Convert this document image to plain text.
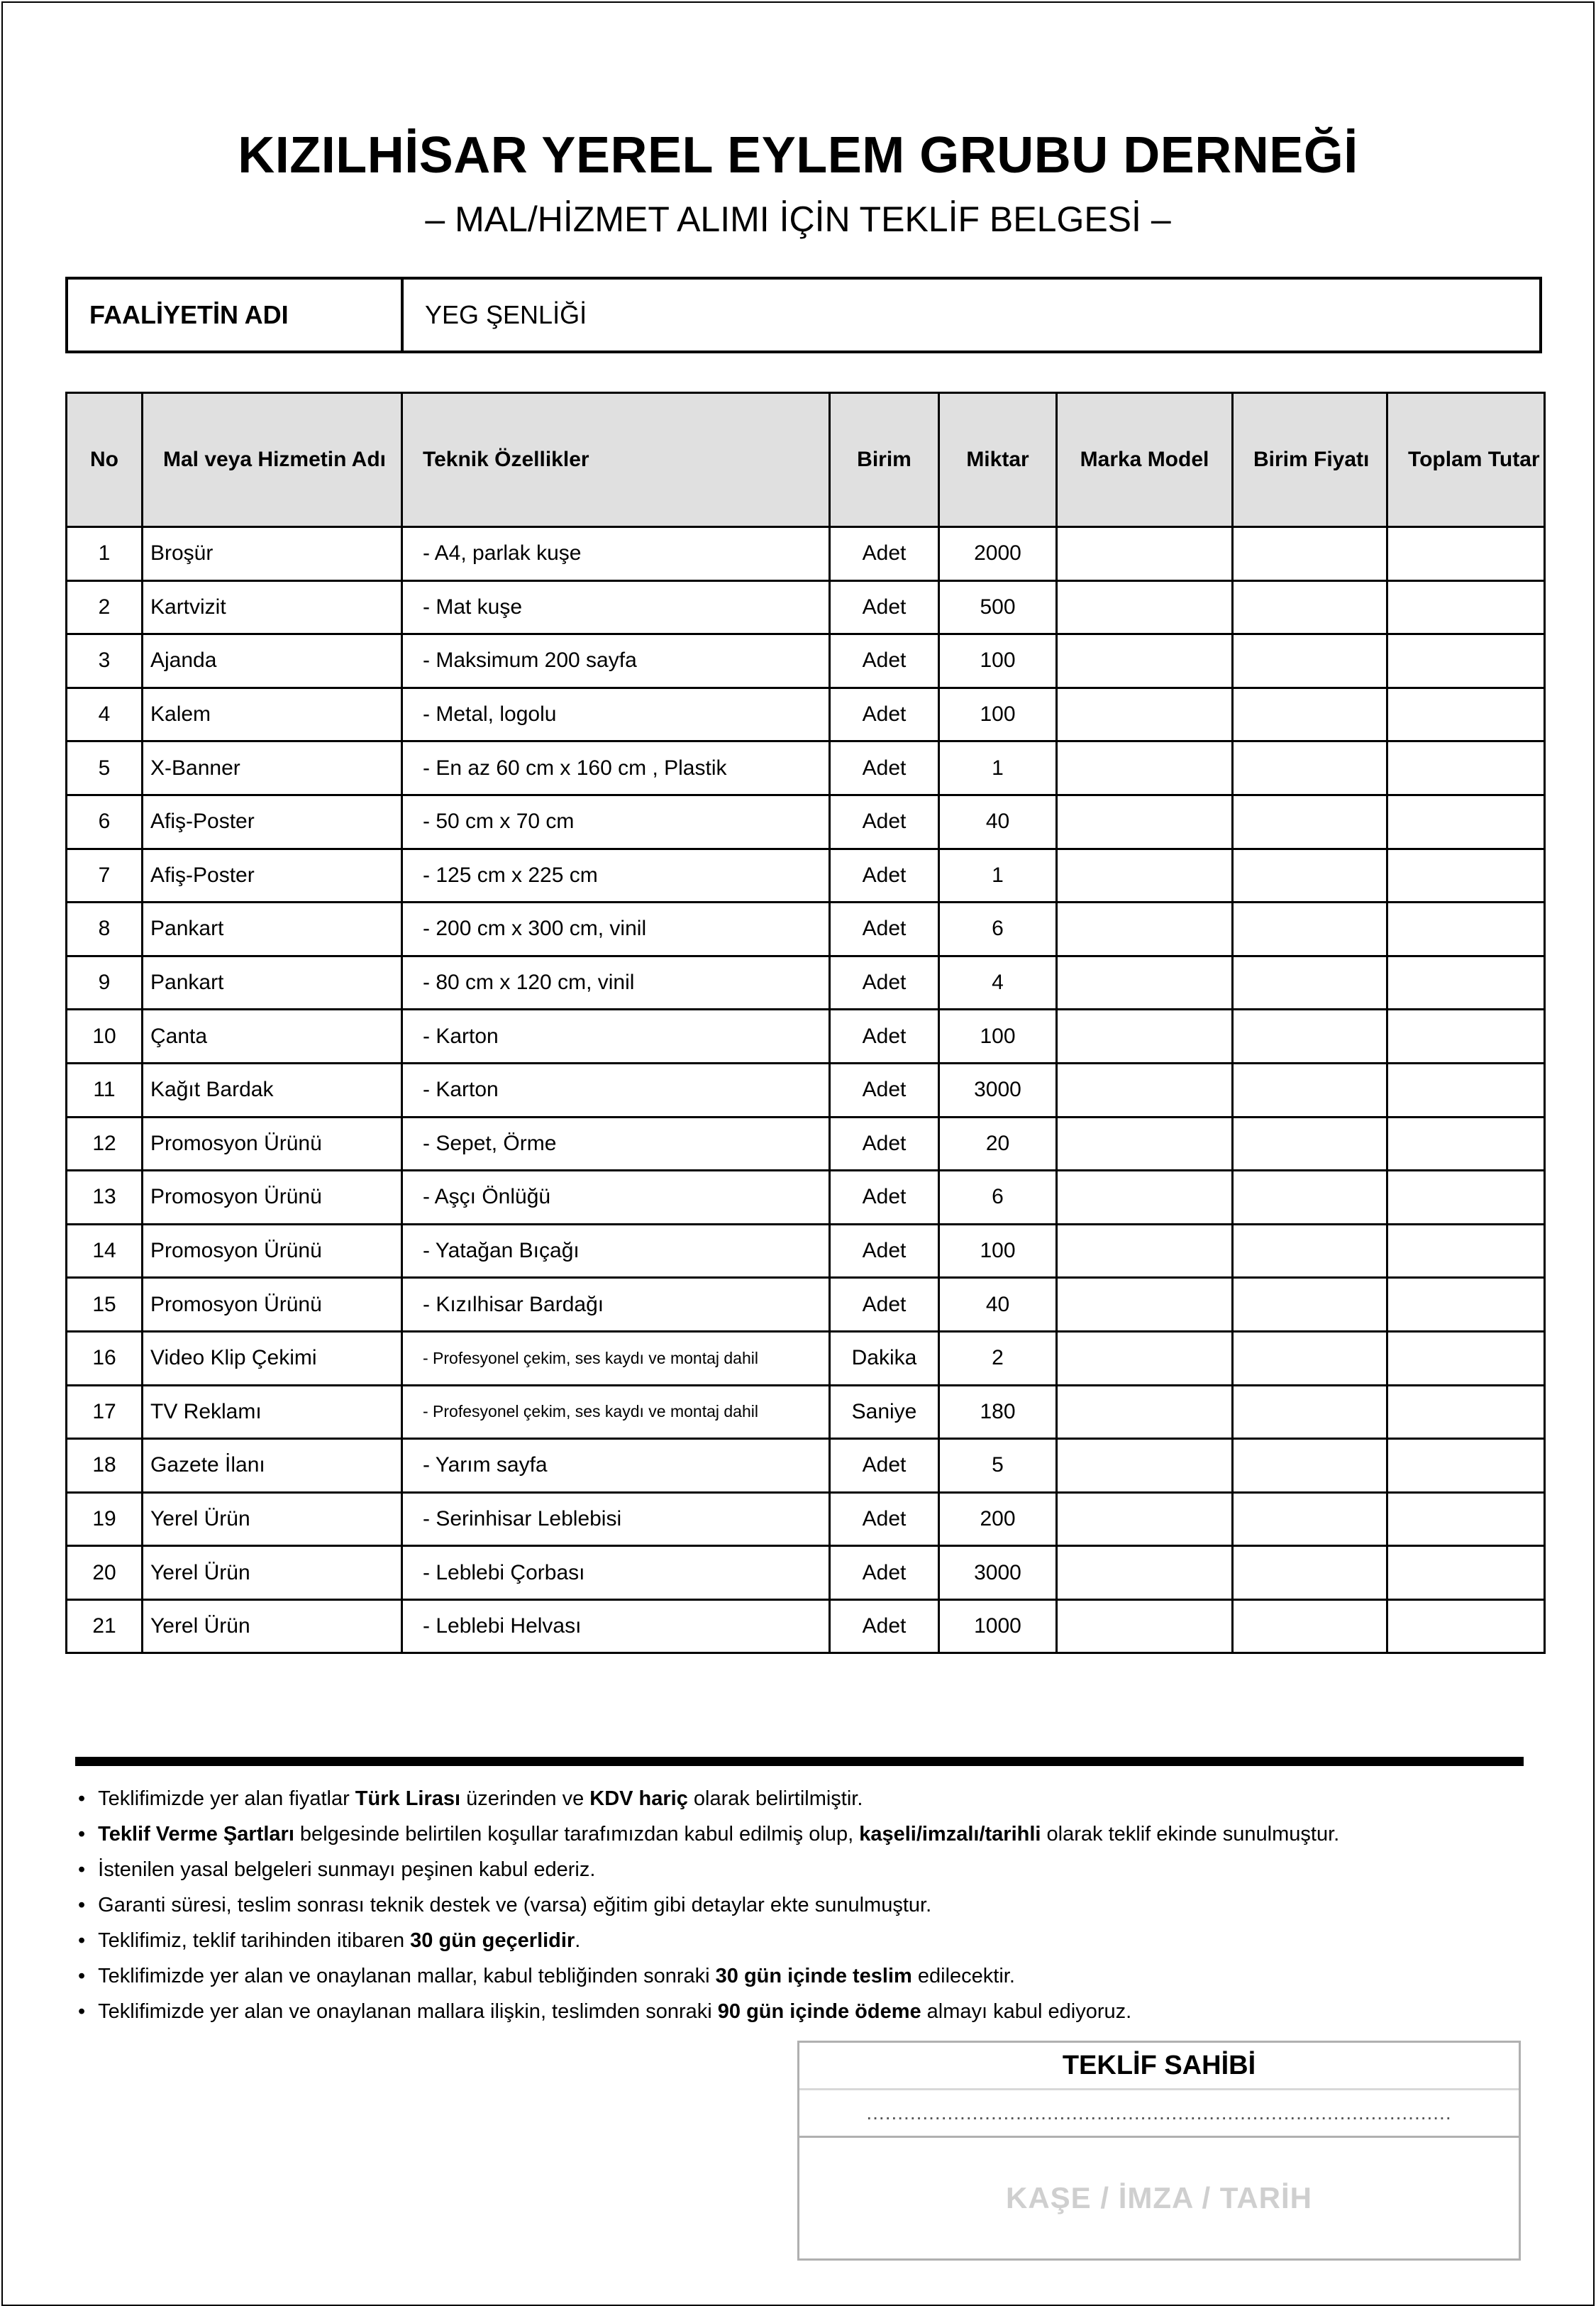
KIZILHİSAR YEREL EYLEM GRUBU DERNEĞİ
– MAL/HİZMET ALIMI İÇİN TEKLİF BELGESİ –
FAALİYETİN ADI	YEG ŞENLİĞİ
No	Mal veya Hizmetin Adı	Teknik Özellikler	Birim	Miktar	Marka Model	Birim Fiyatı	Toplam Tutar
1	Broşür	- A4, parlak kuşe	Adet	2000			
2	Kartvizit	- Mat kuşe	Adet	500			
3	Ajanda	- Maksimum 200 sayfa	Adet	100			
4	Kalem	- Metal, logolu	Adet	100			
5	X-Banner	- En az 60 cm x 160 cm , Plastik	Adet	1			
6	Afiş-Poster	- 50 cm x 70 cm	Adet	40			
7	Afiş-Poster	- 125 cm x 225 cm	Adet	1			
8	Pankart	- 200 cm x 300 cm, vinil	Adet	6			
9	Pankart	- 80 cm x 120 cm, vinil	Adet	4			
10	Çanta	- Karton	Adet	100			
11	Kağıt Bardak	- Karton	Adet	3000			
12	Promosyon Ürünü	- Sepet, Örme	Adet	20			
13	Promosyon Ürünü	- Aşçı Önlüğü	Adet	6			
14	Promosyon Ürünü	- Yatağan Bıçağı	Adet	100			
15	Promosyon Ürünü	- Kızılhisar Bardağı	Adet	40			
16	Video Klip Çekimi	- Profesyonel çekim, ses kaydı ve montaj dahil	Dakika	2			
17	TV Reklamı	- Profesyonel çekim, ses kaydı ve montaj dahil	Saniye	180			
18	Gazete İlanı	- Yarım sayfa	Adet	5			
19	Yerel Ürün	- Serinhisar Leblebisi	Adet	200			
20	Yerel Ürün	- Leblebi Çorbası	Adet	3000			
21	Yerel Ürün	- Leblebi Helvası	Adet	1000			
• Teklifimizde yer alan fiyatlar Türk Lirası üzerinden ve KDV hariç olarak belirtilmiştir.
• Teklif Verme Şartları belgesinde belirtilen koşullar tarafımızdan kabul edilmiş olup, kaşeli/imzalı/tarihli olarak teklif ekinde sunulmuştur.
• İstenilen yasal belgeleri sunmayı peşinen kabul ederiz.
• Garanti süresi, teslim sonrası teknik destek ve (varsa) eğitim gibi detaylar ekte sunulmuştur.
• Teklifimiz, teklif tarihinden itibaren 30 gün geçerlidir.
• Teklifimizde yer alan ve onaylanan mallar, kabul tebliğinden sonraki 30 gün içinde teslim edilecektir.
• Teklifimizde yer alan ve onaylanan mallara ilişkin, teslimden sonraki 90 gün içinde ödeme almayı kabul ediyoruz.
TEKLİF SAHİBİ
..............................................................................................
KAŞE / İMZA / TARİH
